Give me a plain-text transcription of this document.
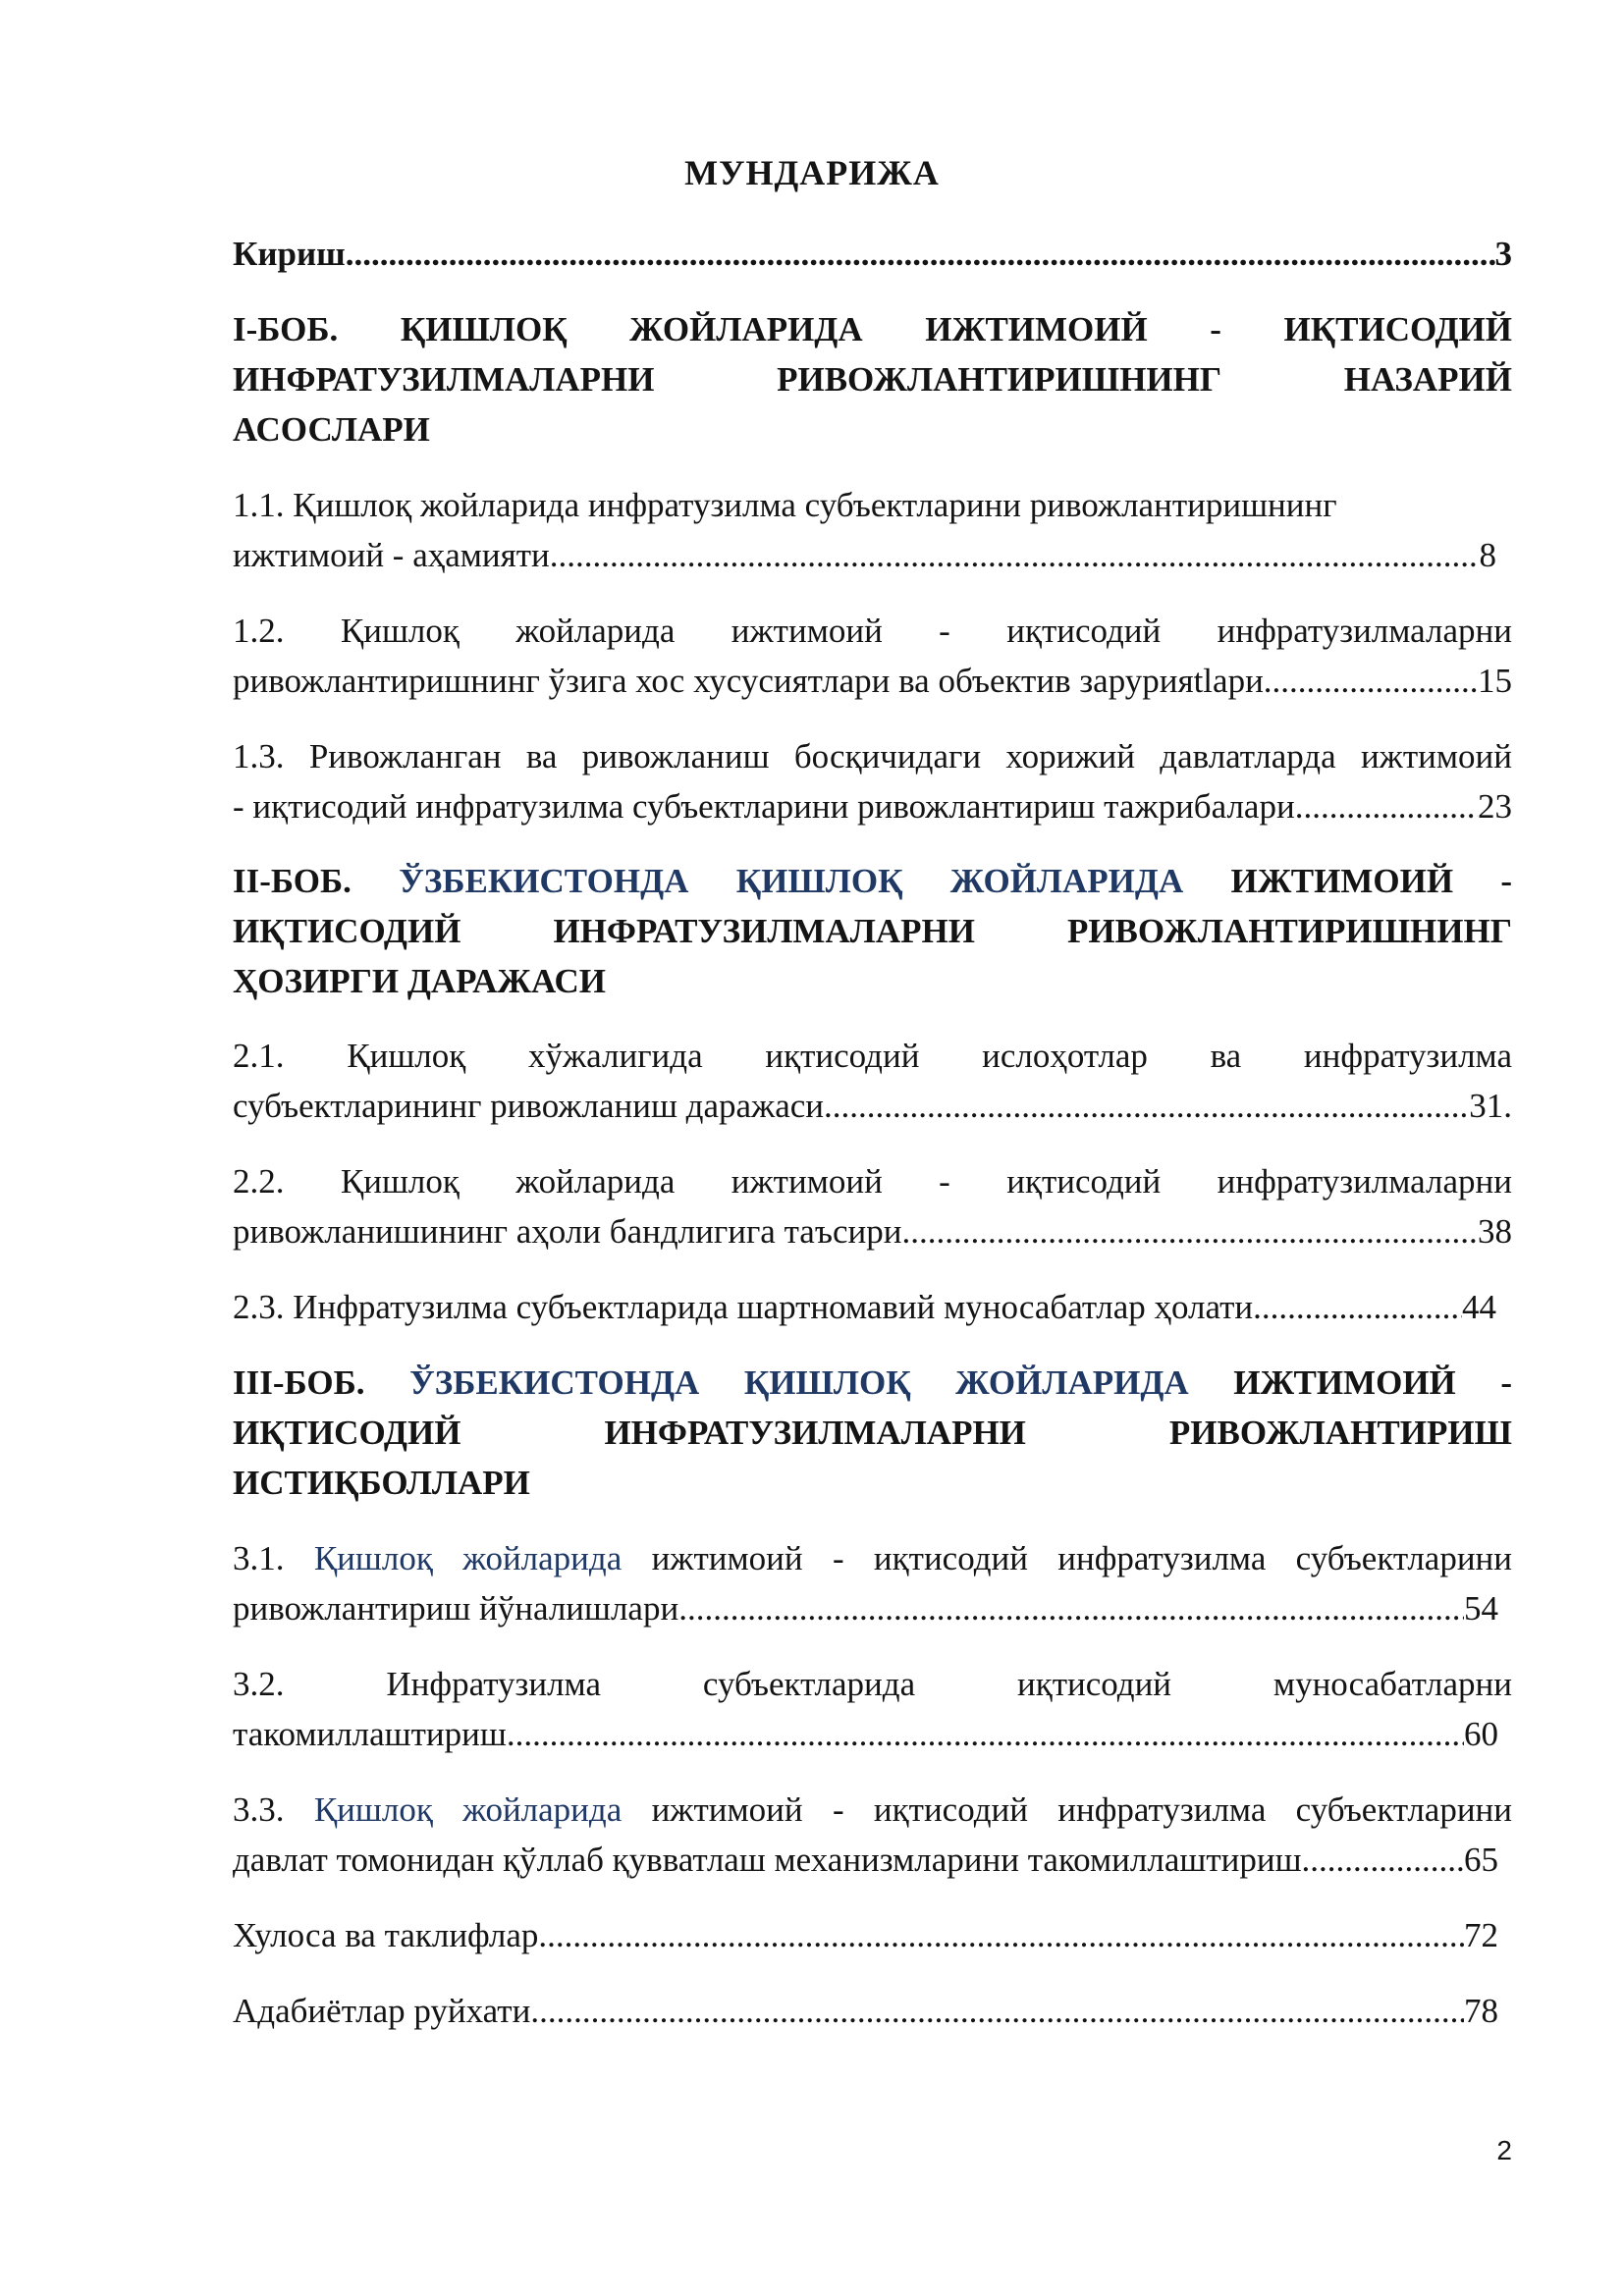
МУНДАРИЖА
Кириш .....	3
I-БОБ. ҚИШЛОҚ ЖОЙЛАРИДА ИЖТИМОИЙ - ИҚТИСОДИЙ
ИНФРАТУЗИЛМАЛАРНИ РИВОЖЛАНТИРИШНИНГ НАЗАРИЙ
АСОСЛАРИ
1.1. Қишлоқ жойларида инфратузилма субъектларини ривожлантиришнинг
ижтимоий - аҳамияти .....	8
1.2. Қишлоқ жойларида ижтимоий - иқтисодий инфратузилмаларни
ривожлантиришнинг ўзига хос хусусиятлари ва объектив зарурияtlари .....	15
1.3. Ривожланган ва ривожланиш босқичидаги хорижий давлатларда ижтимоий
- иқтисодий инфратузилма субъектларини ривожлантириш тажрибалари .....	23
II-БОБ. ЎЗБЕКИСТОНДА ҚИШЛОҚ ЖОЙЛАРИДА ИЖТИМОИЙ -
ИҚТИСОДИЙ ИНФРАТУЗИЛМАЛАРНИ РИВОЖЛАНТИРИШНИНГ
ҲОЗИРГИ ДАРАЖАСИ
2.1. Қишлоқ хўжалигида иқтисодий ислоҳотлар ва инфратузилма
субъектларининг ривожланиш даражаси .....	31.
2.2. Қишлоқ жойларида ижтимоий - иқтисодий инфратузилмаларни
ривожланишининг аҳоли бандлигига таъсири .....	38
2.3. Инфратузилма субъектларида шартномавий муносабатлар ҳолати .....	44
III-БОБ. ЎЗБЕКИСТОНДА ҚИШЛОҚ ЖОЙЛАРИДА ИЖТИМОИЙ -
ИҚТИСОДИЙ ИНФРАТУЗИЛМАЛАРНИ РИВОЖЛАНТИРИШ
ИСТИҚБОЛЛАРИ
3.1. Қишлоқ жойларида ижтимоий - иқтисодий инфратузилма субъектларини
ривожлантириш йўналишлари .....	54
3.2. Инфратузилма субъектларида иқтисодий муносабатларни
такомиллаштириш .....	60
3.3. Қишлоқ жойларида ижтимоий - иқтисодий инфратузилма субъектларини
давлат томонидан қўллаб қувватлаш механизмларини такомиллаштириш .....	65
Хулоса ва таклифлар .....	72
Адабиётлар руйхати .....	78
2
